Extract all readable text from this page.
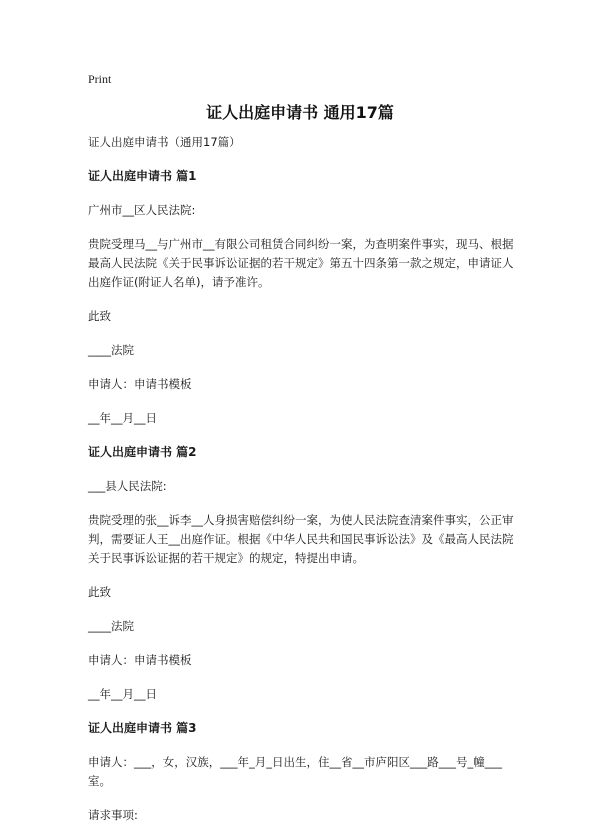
Print
证人出庭申请书 通用17篇

证人出庭申请书（通用17篇）

证人出庭申请书 篇1

广州市__区人民法院:

贵院受理马__与广州市__有限公司租赁合同纠纷一案，为查明案件事实，现马、根据最高人民法院《关于民事诉讼证据的若干规定》第五十四条第一款之规定，申请证人出庭作证(附证人名单)，请予准许。

此致

____法院

申请人：申请书模板

__年__月__日

证人出庭申请书 篇2

___县人民法院:

贵院受理的张__诉李__人身损害赔偿纠纷一案，为使人民法院查清案件事实，公正审判，需要证人王__出庭作证。根据《中华人民共和国民事诉讼法》及《最高人民法院关于民事诉讼证据的若干规定》的规定，特提出申请。

此致

____法院

申请人：申请书模板

__年__月__日

证人出庭申请书 篇3

申请人：___，女，汉族，___年_月_日出生，住__省__市庐阳区___路___号_幢___室。

请求事项:
